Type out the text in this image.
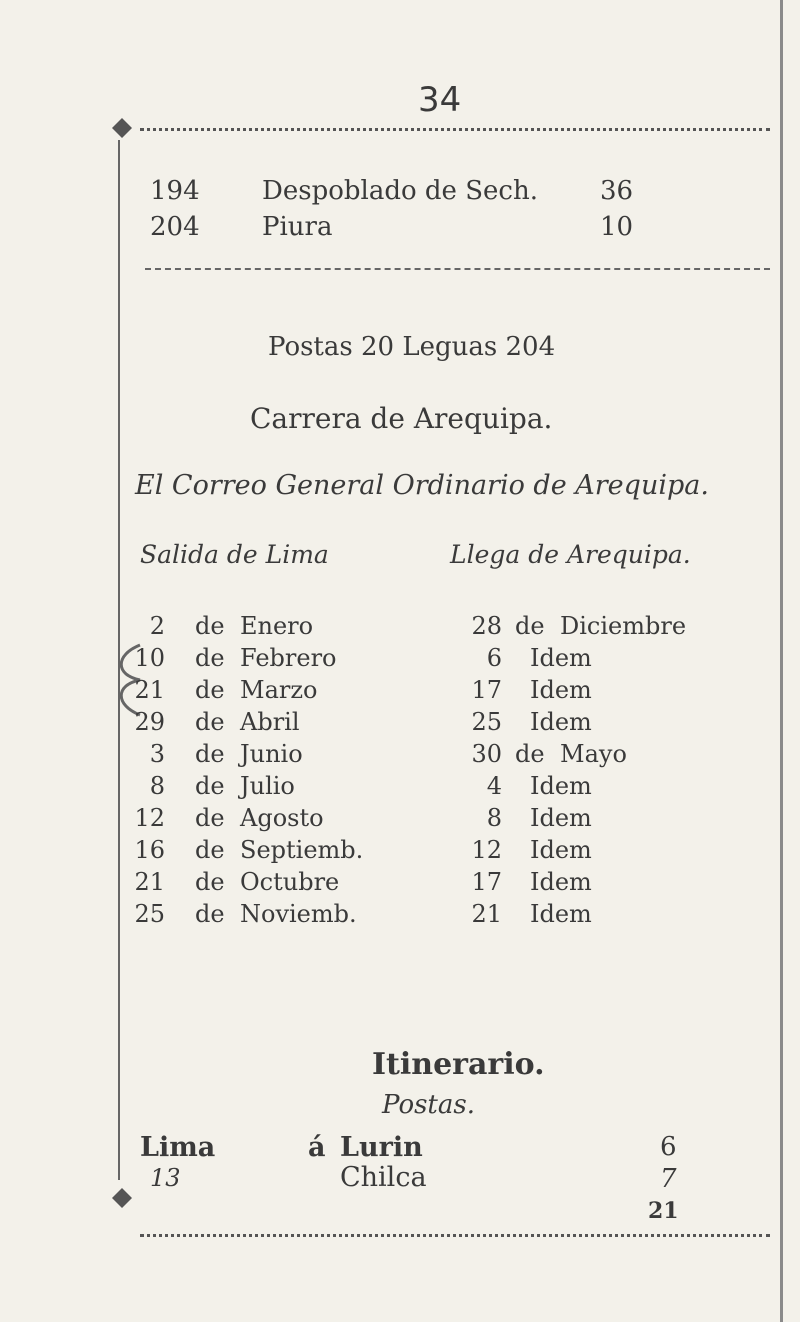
34
194 Despoblado de Sech. 36
204 Piura	10
Postas 20 Leguas 204
Carrera de Arequipa.
El Correo General Ordinario de Arequipa.
Salida de Lima	Llega de Arequipa.
2 de Enero	28 de Diciembre
10 de Febrero	6 Idem
21 de Marzo	17 Idem
29 de Abril	25 Idem
3 de Junio	30 de Mayo
8 de Julio	4 Idem
12 de Agosto	8 Idem
16 de Septiemb.	12 Idem
21 de Octubre	17 Idem
25 de Noviemb.	21 Idem
Itinerario.
Postas.
Lima	á Lurin	6
13	Chilca	7
21
